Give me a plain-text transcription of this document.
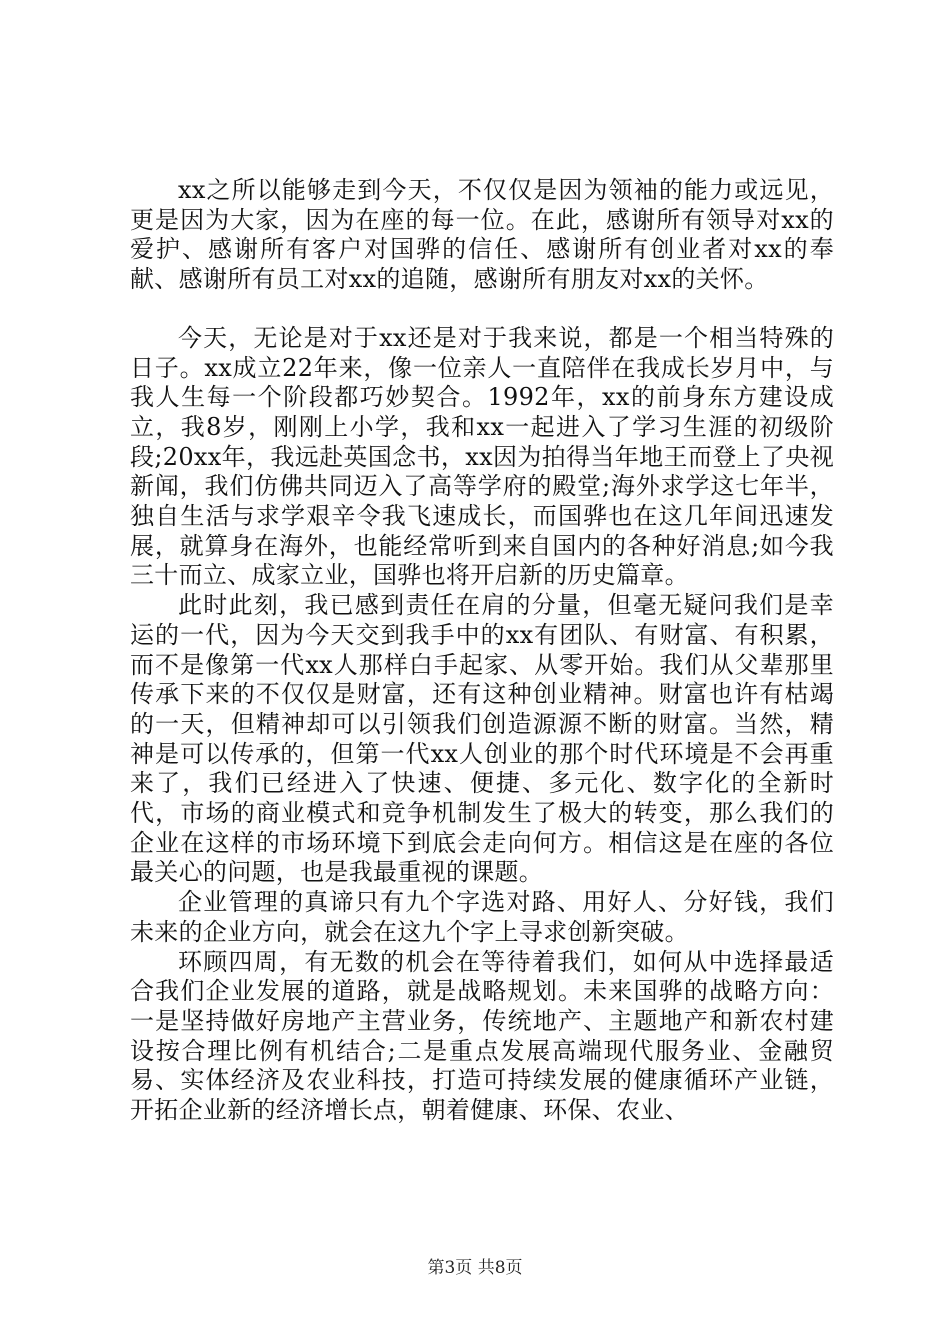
xx之所以能够走到今天，不仅仅是因为领袖的能力或远见，更是因为大家，因为在座的每一位。在此，感谢所有领导对xx的爱护、感谢所有客户对国骅的信任、感谢所有创业者对xx的奉献、感谢所有员工对xx的追随，感谢所有朋友对xx的关怀。

今天，无论是对于xx还是对于我来说，都是一个相当特殊的日子。xx成立22年来，像一位亲人一直陪伴在我成长岁月中，与我人生每一个阶段都巧妙契合。1992年，xx的前身东方建设成立，我8岁，刚刚上小学，我和xx一起进入了学习生涯的初级阶段;20xx年，我远赴英国念书，xx因为拍得当年地王而登上了央视新闻，我们仿佛共同迈入了高等学府的殿堂;海外求学这七年半，独自生活与求学艰辛令我飞速成长，而国骅也在这几年间迅速发展，就算身在海外，也能经常听到来自国内的各种好消息;如今我三十而立、成家立业，国骅也将开启新的历史篇章。

此时此刻，我已感到责任在肩的分量，但毫无疑问我们是幸运的一代，因为今天交到我手中的xx有团队、有财富、有积累，而不是像第一代xx人那样白手起家、从零开始。我们从父辈那里传承下来的不仅仅是财富，还有这种创业精神。财富也许有枯竭的一天，但精神却可以引领我们创造源源不断的财富。当然，精神是可以传承的，但第一代xx人创业的那个时代环境是不会再重来了，我们已经进入了快速、便捷、多元化、数字化的全新时代，市场的商业模式和竞争机制发生了极大的转变，那么我们的企业在这样的市场环境下到底会走向何方。相信这是在座的各位最关心的问题，也是我最重视的课题。

企业管理的真谛只有九个字选对路、用好人、分好钱，我们未来的企业方向，就会在这九个字上寻求创新突破。

环顾四周，有无数的机会在等待着我们，如何从中选择最适合我们企业发展的道路，就是战略规划。未来国骅的战略方向：一是坚持做好房地产主营业务，传统地产、主题地产和新农村建设按合理比例有机结合;二是重点发展高端现代服务业、金融贸易、实体经济及农业科技，打造可持续发展的健康循环产业链，开拓企业新的经济增长点，朝着健康、环保、农业、

第3页 共8页
